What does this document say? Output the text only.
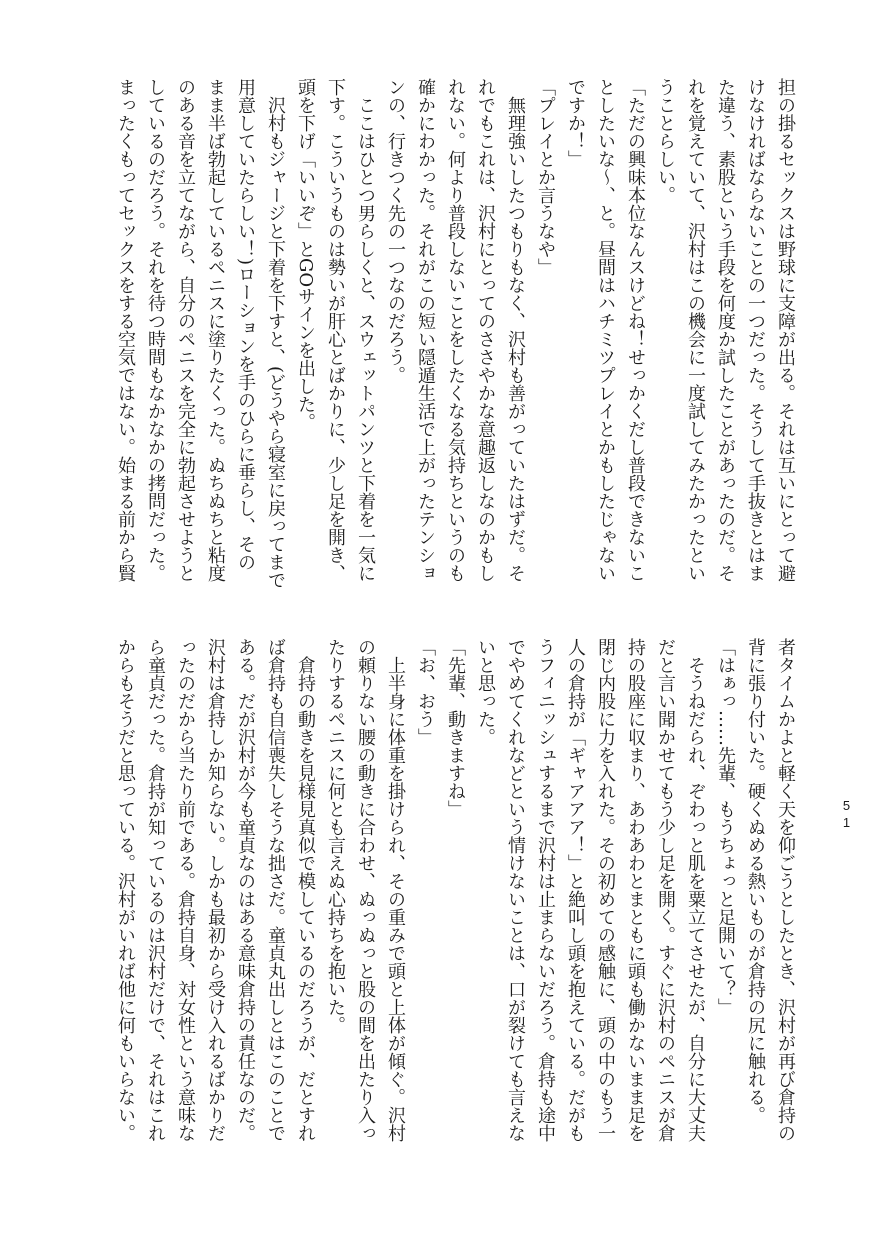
担の掛るセックスは野球に支障が出る。それは互いにとって避
けなければならないことの一つだった。そうして手抜きとはま
た違う、素股という手段を何度か試したことがあったのだ。そ
れを覚えていて、沢村はこの機会に一度試してみたかったとい
うことらしい。
「ただの興味本位なんスけどね！せっかくだし普段できないこ
としたいな～、と。昼間はハチミツプレイとかもしたじゃない
ですか！」
「プレイとか言うなや」
　無理強いしたつもりもなく、沢村も善がっていたはずだ。そ
れでもこれは、沢村にとってのささやかな意趣返しなのかもし
れない。何より普段しないことをしたくなる気持ちというのも
確かにわかった。それがこの短い隠遁生活で上がったテンショ
ンの、行きつく先の一つなのだろう。
　ここはひとつ男らしくと、スウェットパンツと下着を一気に
下す。こういうものは勢いが肝心とばかりに、少し足を開き、
頭を下げ「いいぞ」とGOサインを出した。
　沢村もジャージと下着を下すと、(どうやら寝室に戻ってまで
用意していたらしい！)ローションを手のひらに垂らし、その
まま半ば勃起しているペニスに塗りたくった。ぬちぬちと粘度
のある音を立てながら、自分のペニスを完全に勃起させようと
しているのだろう。それを待つ時間もなかなかの拷問だった。
まったくもってセックスをする空気ではない。始まる前から賢
者タイムかよと軽く天を仰ごうとしたとき、沢村が再び倉持の
背に張り付いた。硬くぬめる熱いものが倉持の尻に触れる。
「はぁっ……先輩、もうちょっと足開いて？」
　そうねだられ、ぞわっと肌を粟立てさせたが、自分に大丈夫
だと言い聞かせてもう少し足を開く。すぐに沢村のペニスが倉
持の股座に収まり、あわあわとまともに頭も働かないまま足を
閉じ内股に力を入れた。その初めての感触に、頭の中のもう一
人の倉持が「ギャアアア！」と絶叫し頭を抱えている。だがも
うフィニッシュするまで沢村は止まらないだろう。倉持も途中
でやめてくれなどという情けないことは、口が裂けても言えな
いと思った。
「先輩、動きますね」
「お、おう」
　上半身に体重を掛けられ、その重みで頭と上体が傾ぐ。沢村
の頼りない腰の動きに合わせ、ぬっぬっと股の間を出たり入っ
たりするペニスに何とも言えぬ心持ちを抱いた。
　倉持の動きを見様見真似で模しているのだろうが、だとすれ
ば倉持も自信喪失しそうな拙さだ。童貞丸出しとはこのことで
ある。だが沢村が今も童貞なのはある意味倉持の責任なのだ。
沢村は倉持しか知らない。しかも最初から受け入れるばかりだ
ったのだから当たり前である。倉持自身、対女性という意味な
ら童貞だった。倉持が知っているのは沢村だけで、それはこれ
からもそうだと思っている。沢村がいれば他に何もいらない。	51
